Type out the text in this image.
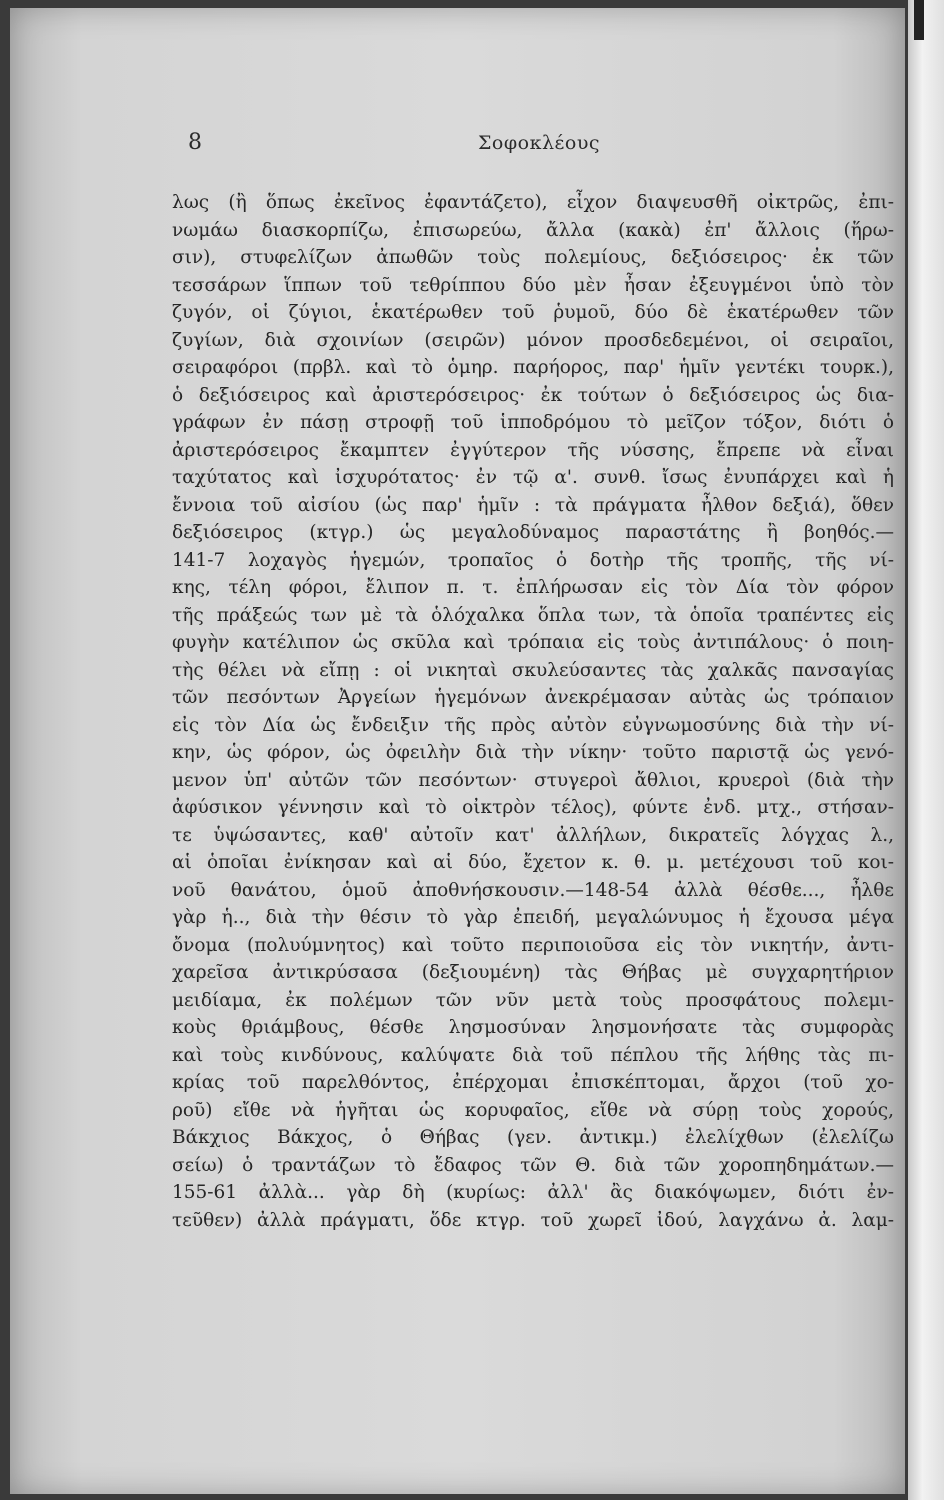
8	Σοφοκλέους
λως (ἢ ὅπως ἐκεῖνος ἐφαντάζετο), εἶχον διαψευσθῆ οἰκτρῶς, ἐπι-
νωμάω διασκορπίζω, ἐπισωρεύω, ἄλλα (κακὰ) ἐπ' ἄλλοις (ἥρω-
σιν), στυφελίζων ἀπωθῶν τοὺς πολεμίους, δεξιόσειρος· ἐκ τῶν
τεσσάρων ἵππων τοῦ τεθρίππου δύο μὲν ἦσαν ἐξευγμένοι ὑπὸ τὸν
ζυγόν, οἱ ζύγιοι, ἑκατέρωθεν τοῦ ῥυμοῦ, δύο δὲ ἑκατέρωθεν τῶν
ζυγίων, διὰ σχοινίων (σειρῶν) μόνον προσδεδεμένοι, οἱ σειραῖοι,
σειραφόροι (πρβλ. καὶ τὸ ὁμηρ. παρήορος, παρ' ἡμῖν γεντέκι τουρκ.),
ὁ δεξιόσειρος καὶ ἀριστερόσειρος· ἐκ τούτων ὁ δεξιόσειρος ὡς δια-
γράφων ἐν πάσῃ στροφῇ τοῦ ἱπποδρόμου τὸ μεῖζον τόξον, διότι ὁ
ἀριστερόσειρος ἔκαμπτεν ἐγγύτερον τῆς νύσσης, ἔπρεπε νὰ εἶναι
ταχύτατος καὶ ἰσχυρότατος· ἐν τῷ α'. συνθ. ἴσως ἐνυπάρχει καὶ ἡ
ἔννοια τοῦ αἰσίου (ὡς παρ' ἡμῖν : τὰ πράγματα ἦλθον δεξιά), ὅθεν
δεξιόσειρος (κτγρ.) ὡς μεγαλοδύναμος παραστάτης ἢ βοηθός.—
141-7 λοχαγὸς ἡγεμών, τροπαῖος ὁ δοτὴρ τῆς τροπῆς, τῆς νί-
κης, τέλη φόροι, ἔλιπον π. τ. ἐπλήρωσαν εἰς τὸν Δία τὸν φόρον
τῆς πράξεώς των μὲ τὰ ὁλόχαλκα ὅπλα των, τὰ ὁποῖα τραπέντες εἰς
φυγὴν κατέλιπον ὡς σκῦλα καὶ τρόπαια εἰς τοὺς ἀντιπάλους· ὁ ποιη-
τὴς θέλει νὰ εἴπῃ : οἱ νικηταὶ σκυλεύσαντες τὰς χαλκᾶς πανσαγίας
τῶν πεσόντων Ἀργείων ἡγεμόνων ἀνεκρέμασαν αὐτὰς ὡς τρόπαιον
εἰς τὸν Δία ὡς ἔνδειξιν τῆς πρὸς αὐτὸν εὐγνωμοσύνης διὰ τὴν νί-
κην, ὡς φόρον, ὡς ὀφειλὴν διὰ τὴν νίκην· τοῦτο παριστᾷ ὡς γενό-
μενον ὑπ' αὐτῶν τῶν πεσόντων· στυγεροὶ ἄθλιοι, κρυεροὶ (διὰ τὴν
ἀφύσικον γέννησιν καὶ τὸ οἰκτρὸν τέλος), φύντε ἐνδ. μτχ., στήσαν-
τε ὑψώσαντες, καθ' αὐτοῖν κατ' ἀλλήλων, δικρατεῖς λόγχας λ.,
αἱ ὁποῖαι ἐνίκησαν καὶ αἱ δύο, ἔχετον κ. θ. μ. μετέχουσι τοῦ κοι-
νοῦ θανάτου, ὁμοῦ ἀποθνήσκουσιν.—148-54 ἀλλὰ θέσθε..., ἦλθε
γὰρ ἡ.., διὰ τὴν θέσιν τὸ γὰρ ἐπειδή, μεγαλώνυμος ἡ ἔχουσα μέγα
ὄνομα (πολυύμνητος) καὶ τοῦτο περιποιοῦσα εἰς τὸν νικητήν, ἀντι-
χαρεῖσα ἀντικρύσασα (δεξιουμένη) τὰς Θήβας μὲ συγχαρητήριον
μειδίαμα, ἐκ πολέμων τῶν νῦν μετὰ τοὺς προσφάτους πολεμι-
κοὺς θριάμβους, θέσθε λησμοσύναν λησμονήσατε τὰς συμφορὰς
καὶ τοὺς κινδύνους, καλύψατε διὰ τοῦ πέπλου τῆς λήθης τὰς πι-
κρίας τοῦ παρελθόντος, ἐπέρχομαι ἐπισκέπτομαι, ἄρχοι (τοῦ χο-
ροῦ) εἴθε νὰ ἡγῆται ὡς κορυφαῖος, εἴθε νὰ σύρῃ τοὺς χορούς,
Βάκχιος Βάκχος, ὁ Θήβας (γεν. ἀντικμ.) ἐλελίχθων (ἐλελίζω
σείω) ὁ τραντάζων τὸ ἔδαφος τῶν Θ. διὰ τῶν χοροπηδημάτων.—
155-61 ἀλλὰ... γὰρ δὴ (κυρίως: ἀλλ' ἂς διακόψωμεν, διότι ἐν-
τεῦθεν) ἀλλὰ πράγματι, ὅδε κτγρ. τοῦ χωρεῖ ἰδού, λαγχάνω ἀ. λαμ-
